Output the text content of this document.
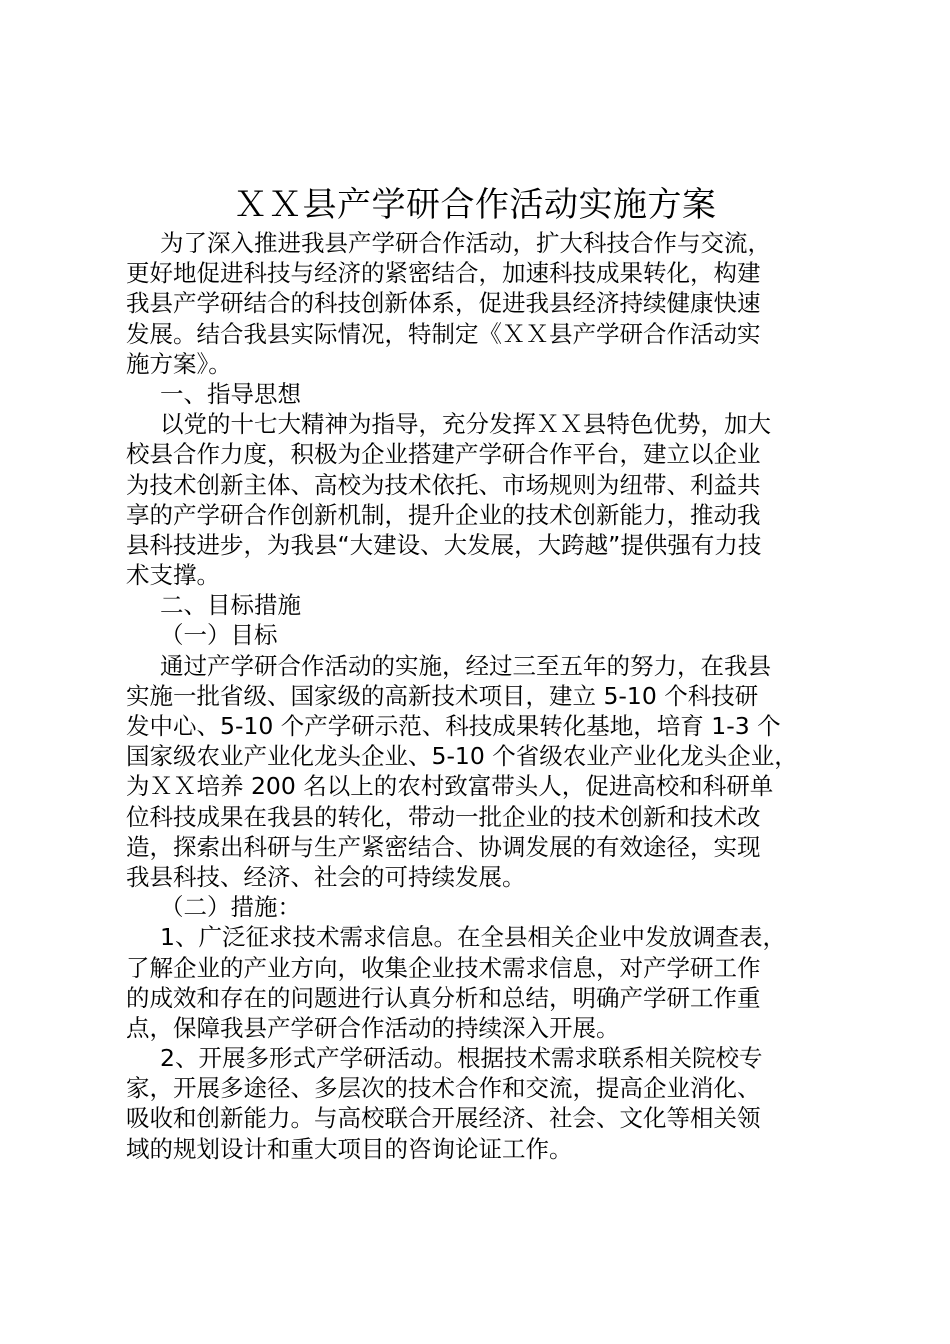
ＸＸ县产学研合作活动实施方案
为了深入推进我县产学研合作活动，扩大科技合作与交流，
更好地促进科技与经济的紧密结合，加速科技成果转化，构建
我县产学研结合的科技创新体系，促进我县经济持续健康快速
发展。结合我县实际情况，特制定《ＸＸ县产学研合作活动实
施方案》。
一、指导思想
以党的十七大精神为指导，充分发挥ＸＸ县特色优势，加大
校县合作力度，积极为企业搭建产学研合作平台，建立以企业
为技术创新主体、高校为技术依托、市场规则为纽带、利益共
享的产学研合作创新机制，提升企业的技术创新能力，推动我
县科技进步，为我县“大建设、大发展，大跨越”提供强有力技
术支撑。
二、目标措施
（一）目标
通过产学研合作活动的实施，经过三至五年的努力，在我县
实施一批省级、国家级的高新技术项目，建立 5-10 个科技研
发中心、5-10 个产学研示范、科技成果转化基地，培育 1-3 个
国家级农业产业化龙头企业、5-10 个省级农业产业化龙头企业，
为ＸＸ培养 200 名以上的农村致富带头人，促进高校和科研单
位科技成果在我县的转化，带动一批企业的技术创新和技术改
造，探索出科研与生产紧密结合、协调发展的有效途径，实现
我县科技、经济、社会的可持续发展。
（二）措施：
1、广泛征求技术需求信息。在全县相关企业中发放调查表，
了解企业的产业方向，收集企业技术需求信息，对产学研工作
的成效和存在的问题进行认真分析和总结，明确产学研工作重
点，保障我县产学研合作活动的持续深入开展。
2、开展多形式产学研活动。根据技术需求联系相关院校专
家，开展多途径、多层次的技术合作和交流，提高企业消化、
吸收和创新能力。与高校联合开展经济、社会、文化等相关领
域的规划设计和重大项目的咨询论证工作。
